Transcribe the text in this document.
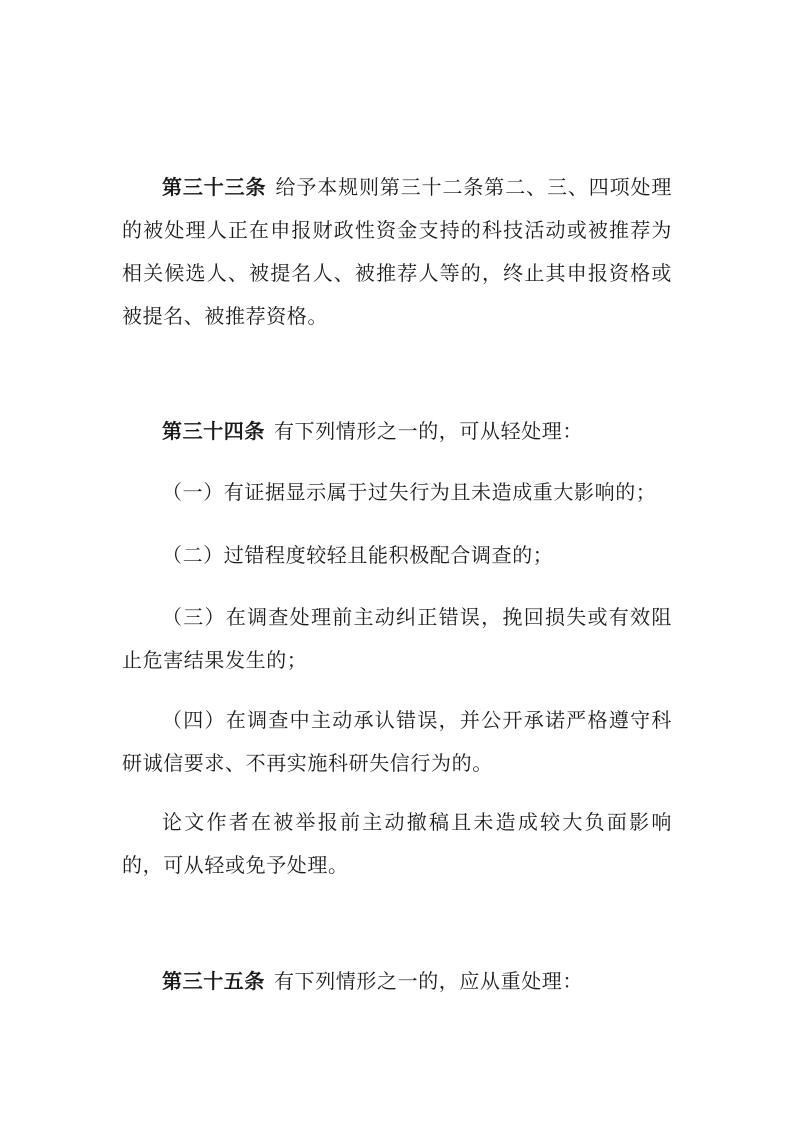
第三十三条 给予本规则第三十二条第二、三、四项处理的被处理人正在申报财政性资金支持的科技活动或被推荐为相关候选人、被提名人、被推荐人等的，终止其申报资格或被提名、被推荐资格。

第三十四条 有下列情形之一的，可从轻处理：

（一）有证据显示属于过失行为且未造成重大影响的；

（二）过错程度较轻且能积极配合调查的；

（三）在调查处理前主动纠正错误，挽回损失或有效阻止危害结果发生的；

（四）在调查中主动承认错误，并公开承诺严格遵守科研诚信要求、不再实施科研失信行为的。

论文作者在被举报前主动撤稿且未造成较大负面影响的，可从轻或免予处理。

第三十五条 有下列情形之一的，应从重处理：
